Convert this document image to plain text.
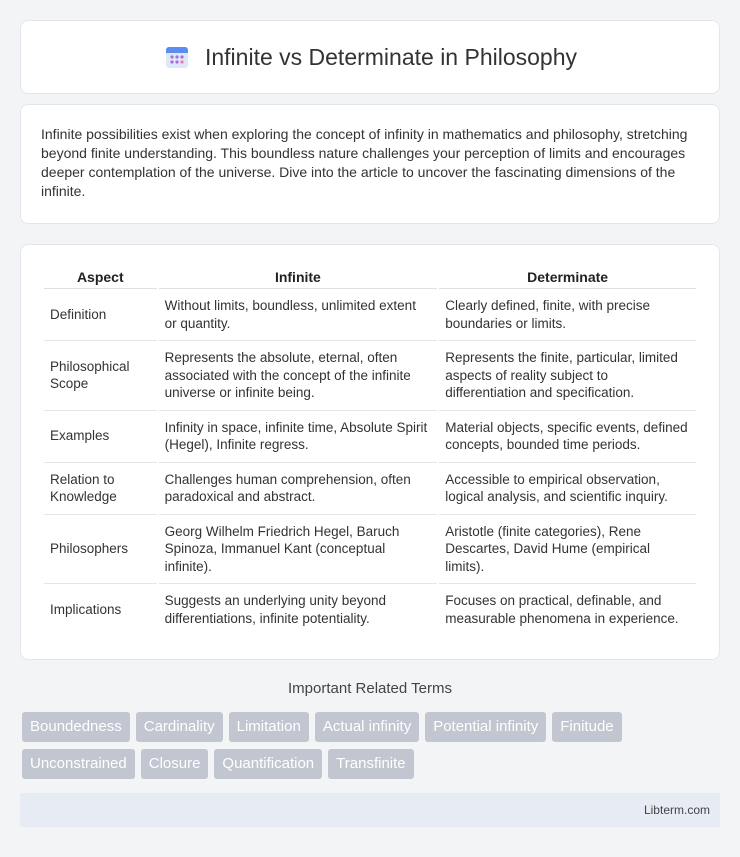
Infinite vs Determinate in Philosophy

Infinite possibilities exist when exploring the concept of infinity in mathematics and philosophy, stretching beyond finite understanding. This boundless nature challenges your perception of limits and encourages deeper contemplation of the universe. Dive into the article to uncover the fascinating dimensions of the infinite.

Aspect	Infinite	Determinate
Definition	Without limits, boundless, unlimited extent or quantity.	Clearly defined, finite, with precise boundaries or limits.
Philosophical Scope	Represents the absolute, eternal, often associated with the concept of the infinite universe or infinite being.	Represents the finite, particular, limited aspects of reality subject to differentiation and specification.
Examples	Infinity in space, infinite time, Absolute Spirit (Hegel), Infinite regress.	Material objects, specific events, defined concepts, bounded time periods.
Relation to Knowledge	Challenges human comprehension, often paradoxical and abstract.	Accessible to empirical observation, logical analysis, and scientific inquiry.
Philosophers	Georg Wilhelm Friedrich Hegel, Baruch Spinoza, Immanuel Kant (conceptual infinite).	Aristotle (finite categories), Rene Descartes, David Hume (empirical limits).
Implications	Suggests an underlying unity beyond differentiations, infinite potentiality.	Focuses on practical, definable, and measurable phenomena in experience.
Important Related Terms
Boundedness	Cardinality	Limitation	Actual infinity	Potential infinity	Finitude
Unconstrained	Closure	Quantification	Transfinite
Libterm.com
